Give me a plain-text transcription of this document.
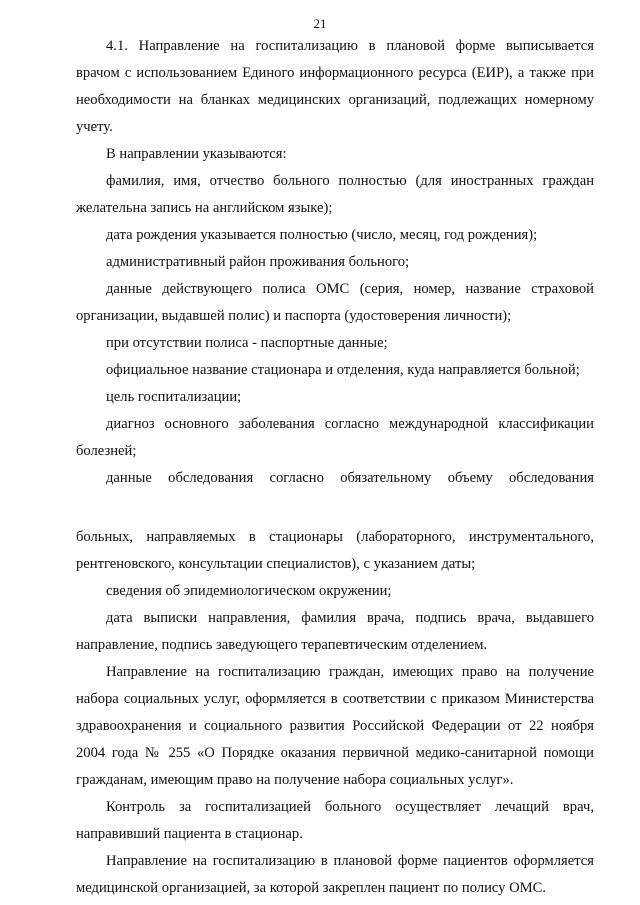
21
4.1. Направление на госпитализацию в плановой форме выписывается
врачом с использованием Единого информационного ресурса (ЕИР), а также при
необходимости на бланках медицинских организаций, подлежащих номерному
учету.
В направлении указываются:
фамилия, имя, отчество больного полностью (для иностранных граждан
желательна запись на английском языке);
дата рождения указывается полностью (число, месяц, год рождения);
административный район проживания больного;
данные действующего полиса ОМС (серия, номер, название страховой
организации, выдавшей полис) и паспорта (удостоверения личности);
при отсутствии полиса - паспортные данные;
официальное название стационара и отделения, куда направляется больной;
цель госпитализации;
диагноз основного заболевания согласно международной классификации
болезней;
данные обследования согласно обязательному объему обследования
больных, направляемых в стационары (лабораторного, инструментального,
рентгеновского, консультации специалистов), с указанием даты;
сведения об эпидемиологическом окружении;
дата выписки направления, фамилия врача, подпись врача, выдавшего
направление, подпись заведующего терапевтическим отделением.
Направление на госпитализацию граждан, имеющих право на получение
набора социальных услуг, оформляется в соответствии с приказом Министерства
здравоохранения и социального развития Российской Федерации от 22 ноября
2004 года № 255 «О Порядке оказания первичной медико-санитарной помощи
гражданам, имеющим право на получение набора социальных услуг».
Контроль за госпитализацией больного осуществляет лечащий врач,
направивший пациента в стационар.
Направление на госпитализацию в плановой форме пациентов оформляется
медицинской организацией, за которой закреплен пациент по полису ОМС.
